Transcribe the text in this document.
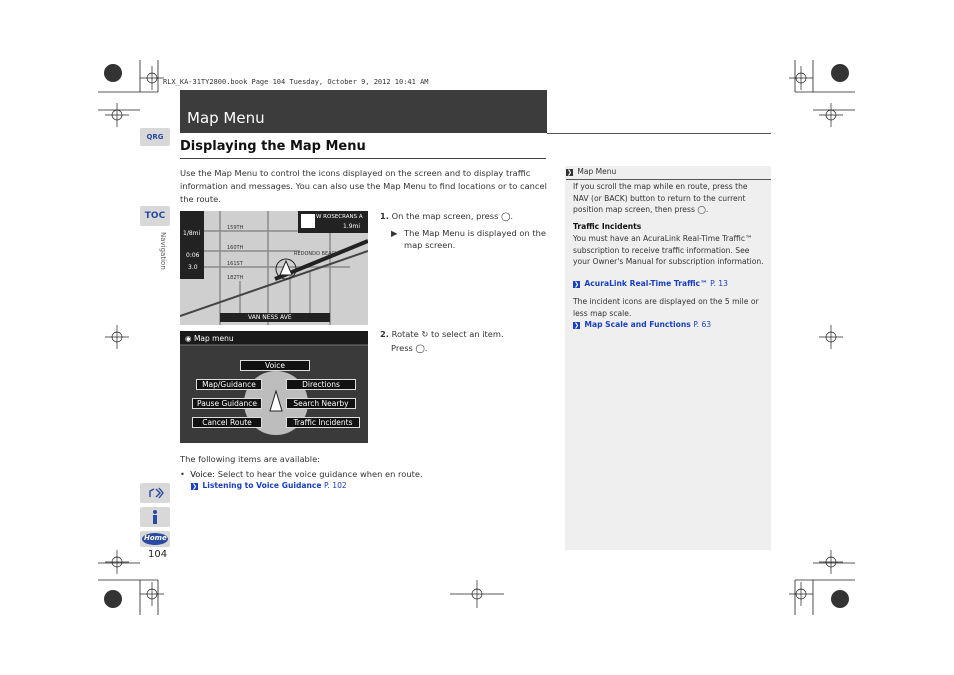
RLX_KA-31TY2800.book Page 104 Tuesday, October 9, 2012 10:41 AM
QRG
TOC
Navigation
Map Menu
Displaying the Map Menu
Use the Map Menu to control the icons displayed on the screen and to display traffic information and messages. You can also use the Map Menu to find locations or to cancel the route.
W ROSECRANS A
1.9mi
1/8mi
0:06
3.0
VAN NESS AVE
159TH
160TH
161ST
182TH
REDONDO BEACH
1. On the map screen, press ◯.
▶ The Map Menu is displayed on the map screen.
◉ Map menu
Voice
Map/Guidance	Directions
Pause Guidance	Search Nearby
Cancel Route	Traffic Incidents
2. Rotate ↻ to select an item.
Press ◯.
The following items are available:
• Voice: Select to hear the voice guidance when en route.
❯ Listening to Voice Guidance P. 102
❯ Map Menu
If you scroll the map while en route, press the NAV (or BACK) button to return to the current position map screen, then press ◯.
Traffic Incidents
You must have an AcuraLink Real-Time Traffic™ subscription to receive traffic information. See your Owner's Manual for subscription information.
❯ AcuraLink Real-Time Traffic™ P. 13
The incident icons are displayed on the 5 mile or less map scale.
❯ Map Scale and Functions P. 63
Home
104
